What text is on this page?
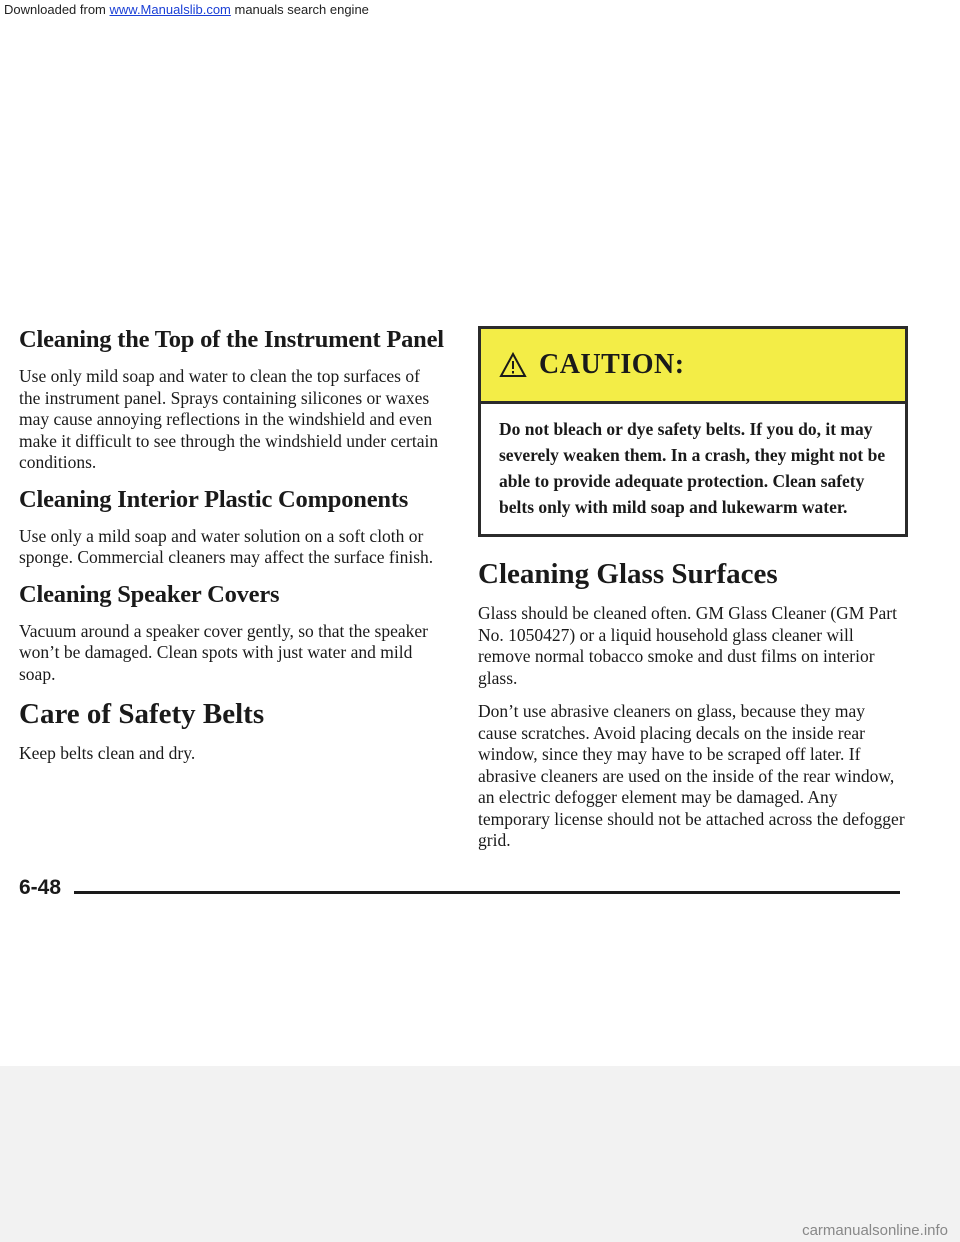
Downloaded from www.Manualslib.com manuals search engine
Cleaning the Top of the Instrument Panel

Use only mild soap and water to clean the top surfaces of the instrument panel. Sprays containing silicones or waxes may cause annoying reflections in the windshield and even make it difficult to see through the windshield under certain conditions.

Cleaning Interior Plastic Components

Use only a mild soap and water solution on a soft cloth or sponge. Commercial cleaners may affect the surface finish.

Cleaning Speaker Covers

Vacuum around a speaker cover gently, so that the speaker won’t be damaged. Clean spots with just water and mild soap.

Care of Safety Belts

Keep belts clean and dry.

CAUTION:
Do not bleach or dye safety belts. If you do, it may severely weaken them. In a crash, they might not be able to provide adequate protection. Clean safety belts only with mild soap and lukewarm water.
Cleaning Glass Surfaces

Glass should be cleaned often. GM Glass Cleaner (GM Part No. 1050427) or a liquid household glass cleaner will remove normal tobacco smoke and dust films on interior glass.

Don’t use abrasive cleaners on glass, because they may cause scratches. Avoid placing decals on the inside rear window, since they may have to be scraped off later. If abrasive cleaners are used on the inside of the rear window, an electric defogger element may be damaged. Any temporary license should not be attached across the defogger grid.

6-48
carmanualsonline.info
